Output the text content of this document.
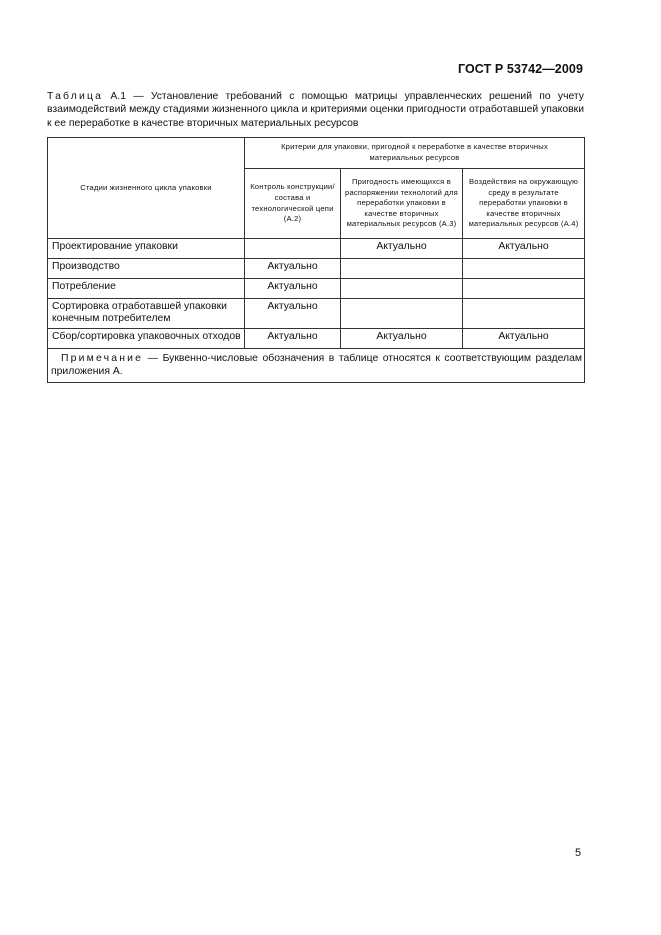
ГОСТ Р 53742—2009
Таблица А.1 — Установление требований с помощью матрицы управленческих решений по учету взаимодействий между стадиями жизненного цикла и критериями оценки пригодности отработавшей упаковки к ее переработке в качестве вторичных материальных ресурсов
Стадии жизненного цикла упаковки	Критерии для упаковки, пригодной к переработке в качестве вторичных материальных ресурсов		
	Контроль конструкции/состава и технологической цепи (А.2)	Пригодность имеющихся в распоряжении технологий для переработки упаковки в качестве вторичных материальных ресурсов (А.3)	Воздействия на окружающую среду в результате переработки упаковки в качестве вторичных материальных ресурсов (А.4)
Проектирование упаковки		Актуально	Актуально
Производство	Актуально		
Потребление	Актуально		
Сортировка отработавшей упаковки конечным потребителем	Актуально		
Сбор/сортировка упаковочных отходов	Актуально	Актуально	Актуально
Примечание — Буквенно-числовые обозначения в таблице относятся к соответствующим разделам приложения А.			
5
